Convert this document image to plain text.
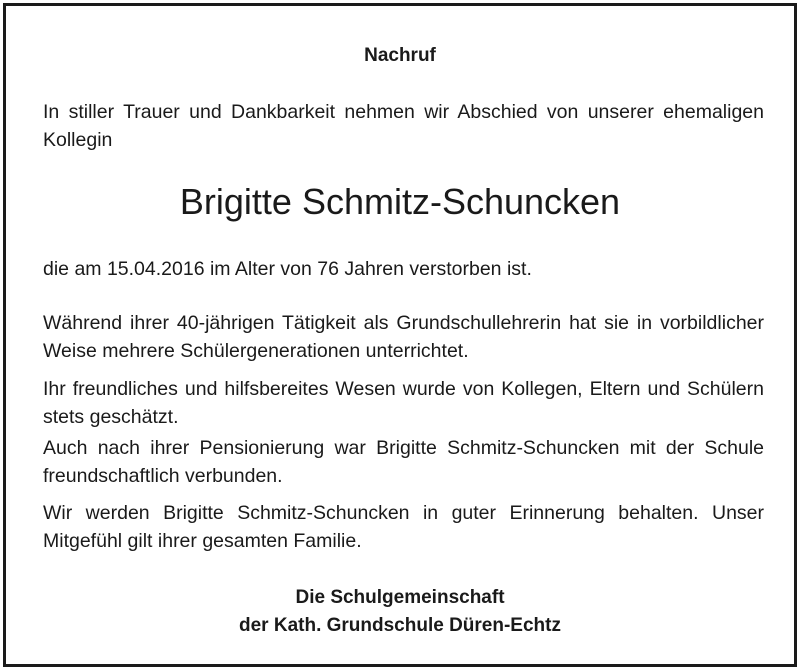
Nachruf

In stiller Trauer und Dankbarkeit nehmen wir Abschied von unserer ehemaligen Kollegin

Brigitte Schmitz-Schuncken

die am 15.04.2016 im Alter von 76 Jahren verstorben ist.

Während ihrer 40-jährigen Tätigkeit als Grundschullehrerin hat sie in vorbildlicher Weise mehrere Schülergenerationen unterrichtet.

Ihr freundliches und hilfsbereites Wesen wurde von Kollegen, Eltern und Schülern stets geschätzt.

Auch nach ihrer Pensionierung war Brigitte Schmitz-Schuncken mit der Schule freundschaftlich verbunden.

Wir werden Brigitte Schmitz-Schuncken in guter Erinnerung behalten. Unser Mitgefühl gilt ihrer gesamten Familie.

Die Schulgemeinschaft
der Kath. Grundschule Düren-Echtz
